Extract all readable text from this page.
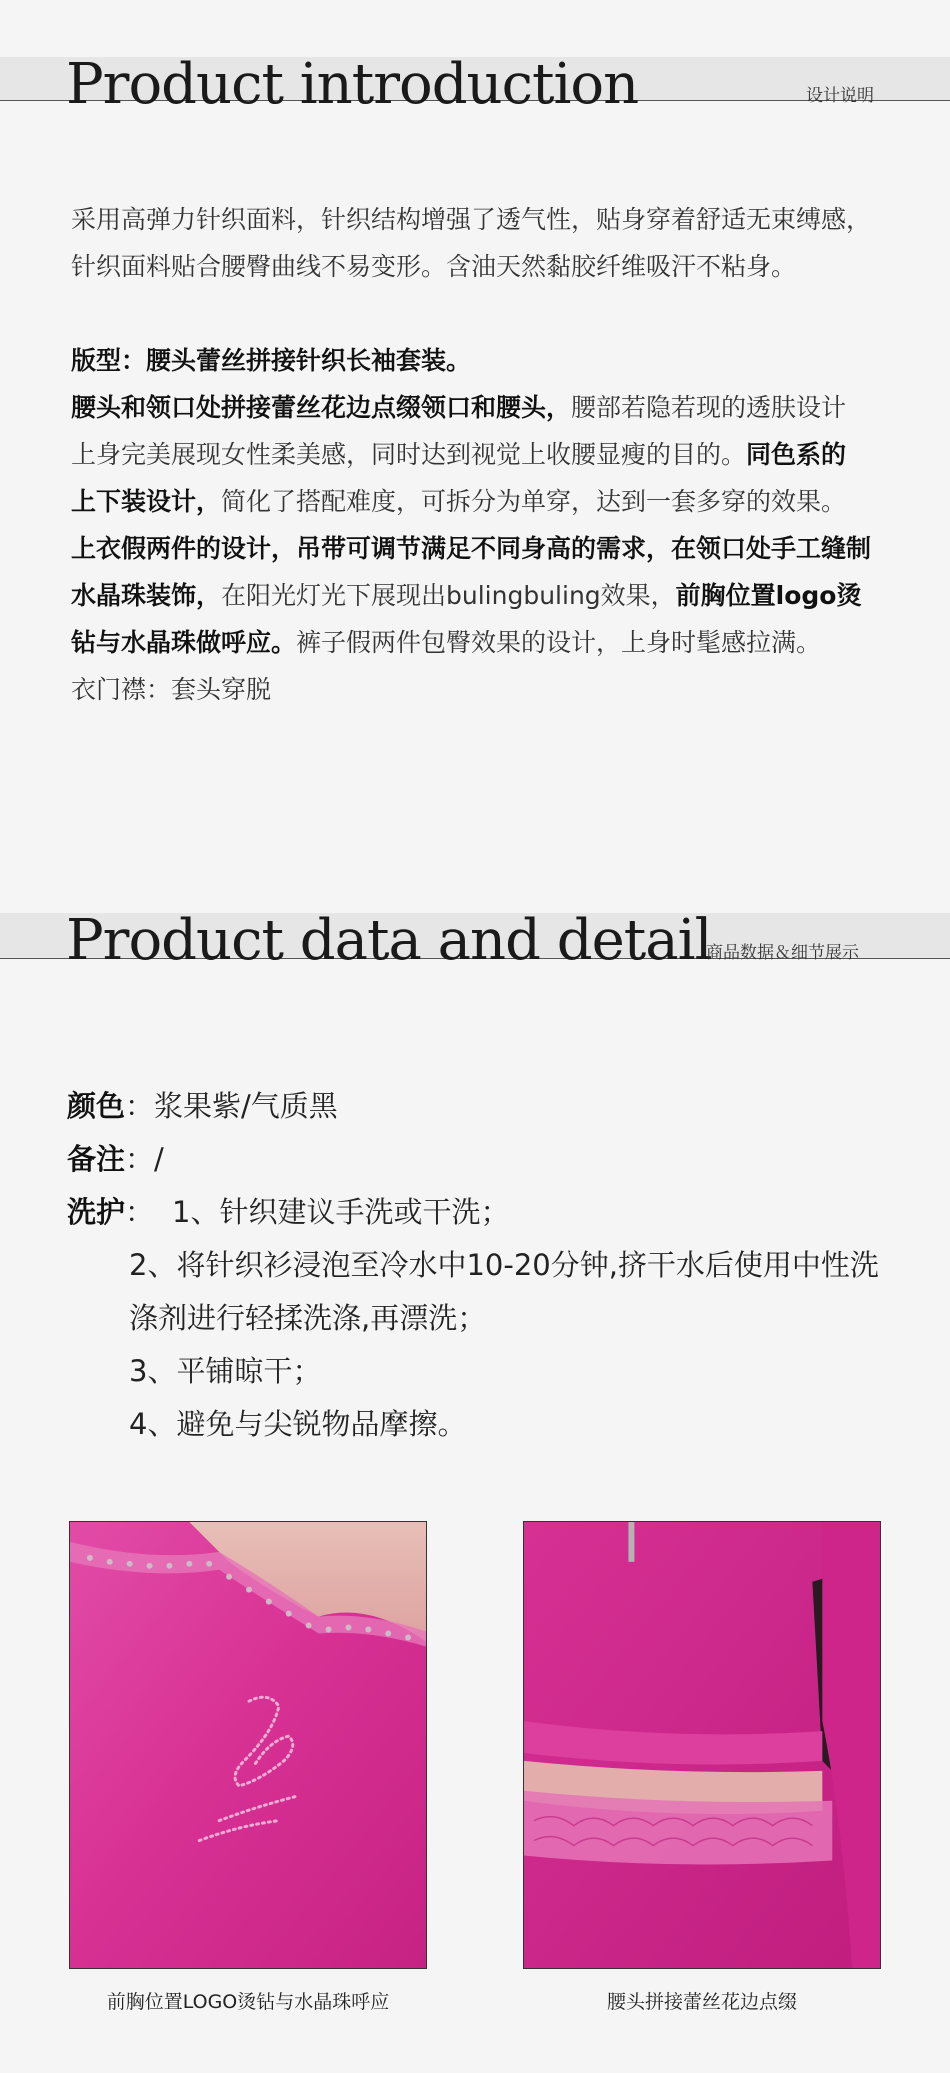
Product introduction	设计说明

采用高弹力针织面料，针织结构增强了透气性，贴身穿着舒适无束缚感，针织面料贴合腰臀曲线不易变形。含油天然黏胶纤维吸汗不粘身。

版型：腰头蕾丝拼接针织长袖套装。

腰头和领口处拼接蕾丝花边点缀领口和腰头，腰部若隐若现的透肤设计上身完美展现女性柔美感，同时达到视觉上收腰显瘦的目的。同色系的上下装设计，简化了搭配难度，可拆分为单穿，达到一套多穿的效果。上衣假两件的设计，吊带可调节满足不同身高的需求，在领口处手工缝制水晶珠装饰，在阳光灯光下展现出bulingbuling效果，前胸位置logo烫钻与水晶珠做呼应。裤子假两件包臀效果的设计，上身时髦感拉满。

衣门襟：套头穿脱

Product data and detail
商品数据＆细节展示
颜色：浆果紫/气质黑
备注：/
洗护： 1、针织建议手洗或干洗；
2、将针织衫浸泡至冷水中10-20分钟,挤干水后使用中性洗涤剂进行轻揉洗涤,再漂洗；
3、平铺晾干；
4、避免与尖锐物品摩擦。
前胸位置LOGO烫钻与水晶珠呼应	腰头拼接蕾丝花边点缀
